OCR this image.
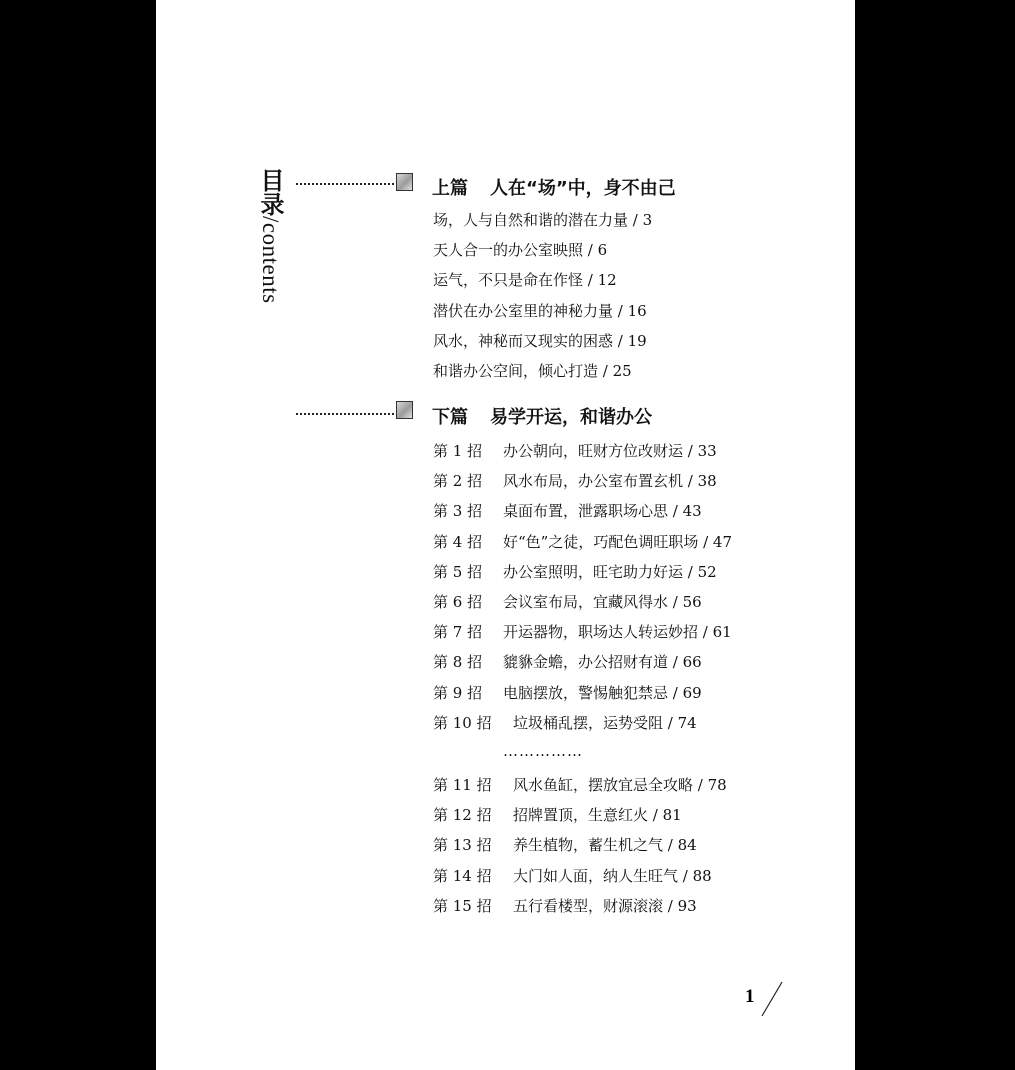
目录/contents
上篇 人在“场”中，身不由己
场，人与自然和谐的潜在力量 / 3
天人合一的办公室映照 / 6
运气，不只是命在作怪 / 12
潜伏在办公室里的神秘力量 / 16
风水，神秘而又现实的困惑 / 19
和谐办公空间，倾心打造 / 25
下篇 易学开运，和谐办公
第 1 招 办公朝向，旺财方位改财运 / 33
第 2 招 风水布局，办公室布置玄机 / 38
第 3 招 桌面布置，泄露职场心思 / 43
第 4 招 好“色”之徒，巧配色调旺职场 / 47
第 5 招 办公室照明，旺宅助力好运 / 52
第 6 招 会议室布局，宜藏风得水 / 56
第 7 招 开运器物，职场达人转运妙招 / 61
第 8 招 貔貅金蟾，办公招财有道 / 66
第 9 招 电脑摆放，警惕触犯禁忌 / 69
第 10 招 垃圾桶乱摆，运势受阻 / 74
……………
第 11 招 风水鱼缸，摆放宜忌全攻略 / 78
第 12 招 招牌置顶，生意红火 / 81
第 13 招 养生植物，蓄生机之气 / 84
第 14 招 大门如人面，纳人生旺气 / 88
第 15 招 五行看楼型，财源滚滚 / 93
1
